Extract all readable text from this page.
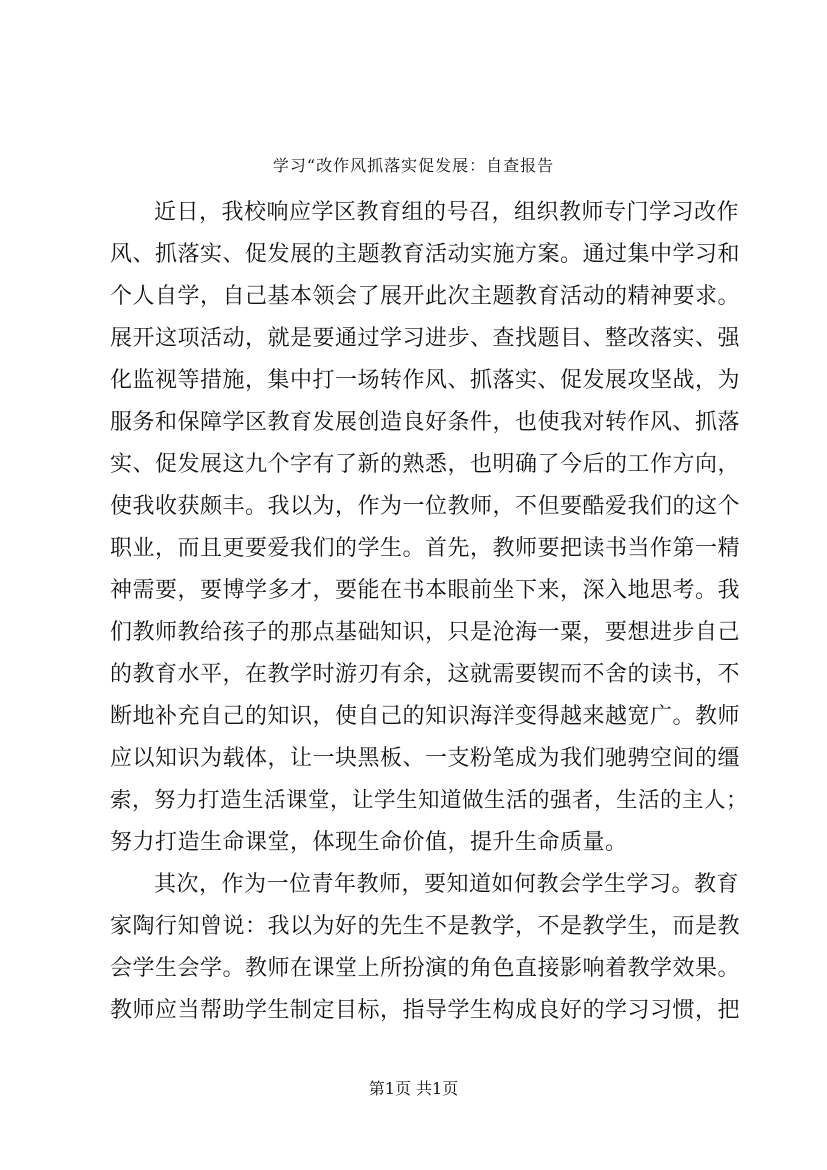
学习“改作风抓落实促发展：自查报告
近日，我校响应学区教育组的号召，组织教师专门学习改作
风、抓落实、促发展的主题教育活动实施方案。通过集中学习和
个人自学，自己基本领会了展开此次主题教育活动的精神要求。
展开这项活动，就是要通过学习进步、查找题目、整改落实、强
化监视等措施，集中打一场转作风、抓落实、促发展攻坚战，为
服务和保障学区教育发展创造良好条件，也使我对转作风、抓落
实、促发展这九个字有了新的熟悉，也明确了今后的工作方向，
使我收获颇丰。我以为，作为一位教师，不但要酷爱我们的这个
职业，而且更要爱我们的学生。首先，教师要把读书当作第一精
神需要，要博学多才，要能在书本眼前坐下来，深入地思考。我
们教师教给孩子的那点基础知识，只是沧海一粟，要想进步自己
的教育水平，在教学时游刃有余，这就需要锲而不舍的读书，不
断地补充自己的知识，使自己的知识海洋变得越来越宽广。教师
应以知识为载体，让一块黑板、一支粉笔成为我们驰骋空间的缰
索，努力打造生活课堂，让学生知道做生活的强者，生活的主人；
努力打造生命课堂，体现生命价值，提升生命质量。
其次，作为一位青年教师，要知道如何教会学生学习。教育
家陶行知曾说：我以为好的先生不是教学，不是教学生，而是教
会学生会学。教师在课堂上所扮演的角色直接影响着教学效果。
教师应当帮助学生制定目标，指导学生构成良好的学习习惯，把
第1页 共1页
